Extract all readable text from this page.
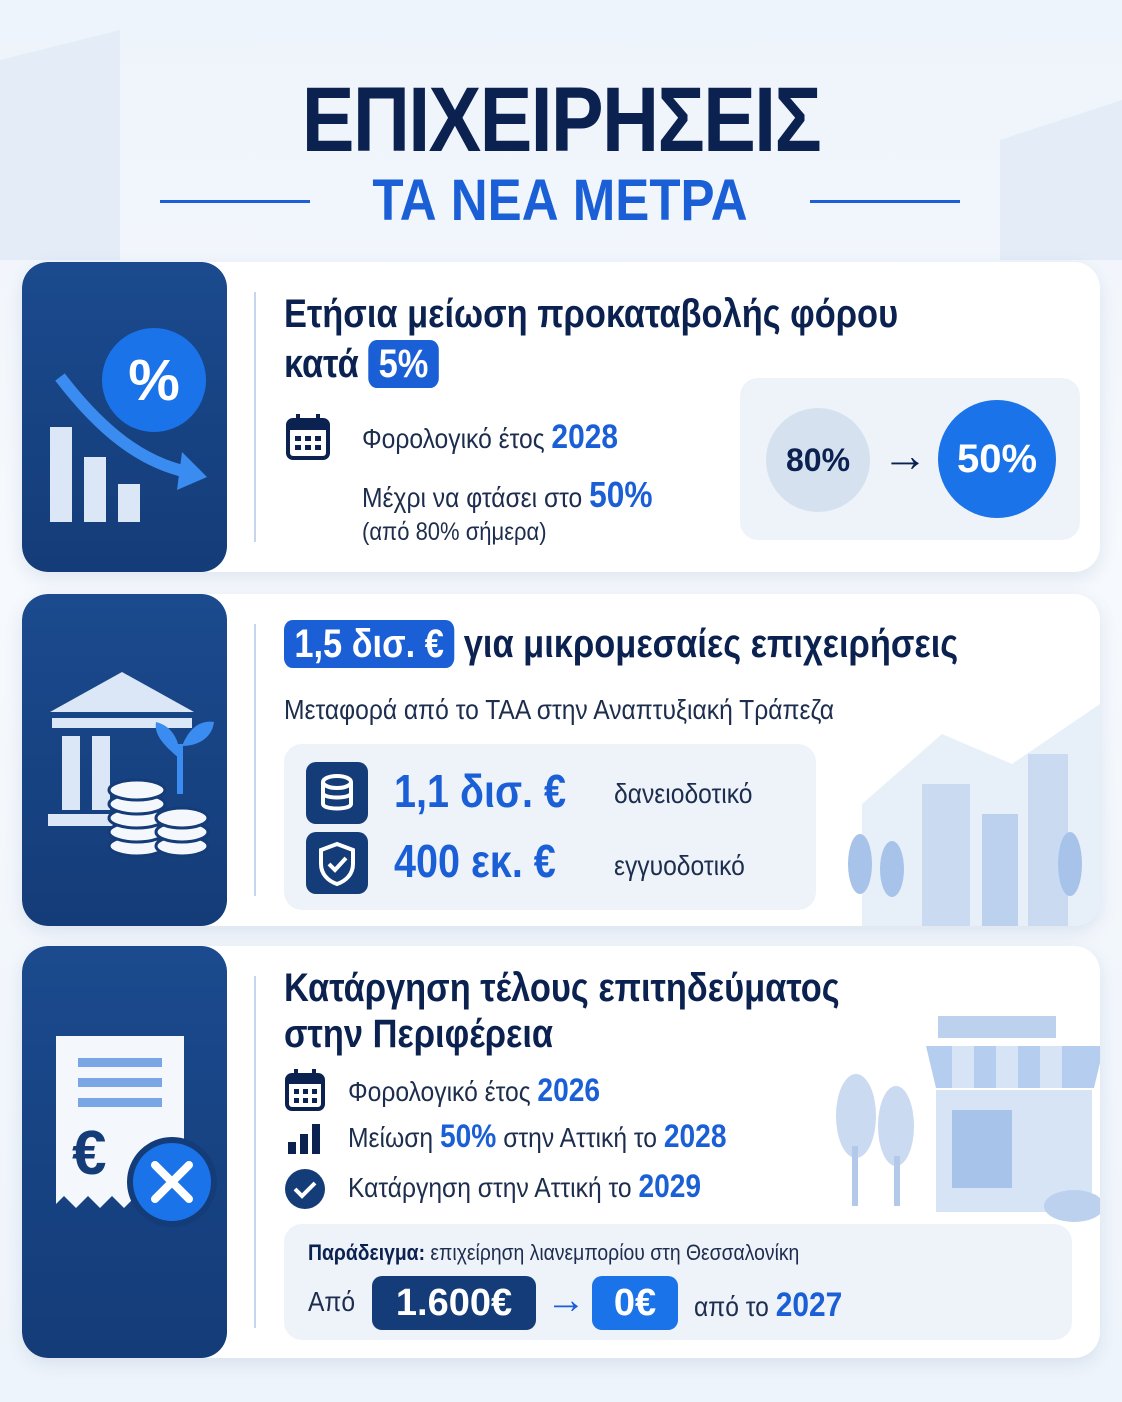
ΕΠΙΧΕΙΡΗΣΕΙΣ
ΤΑ ΝΕΑ ΜΕΤΡΑ
%
Ετήσια μείωση προκαταβολής φόρου
κατά 5%
Φορολογικό έτος 2028
Μέχρι να φτάσει στο 50%
(από 80% σήμερα)
80% → 50%
1,5 δισ. € για μικρομεσαίες επιχειρήσεις
Μεταφορά από το ΤΑΑ στην Αναπτυξιακή Τράπεζα
1,1 δισ. € δανειοδοτικό
400 εκ. € εγγυοδοτικό
€
Κατάργηση τέλους επιτηδεύματος
στην Περιφέρεια
Φορολογικό έτος 2026
Μείωση 50% στην Αττική το 2028
Κατάργηση στην Αττική το 2029
Παράδειγμα: επιχείρηση λιανεμπορίου στη Θεσσαλονίκη
Από	1.600€ → 0€	από το 2027
